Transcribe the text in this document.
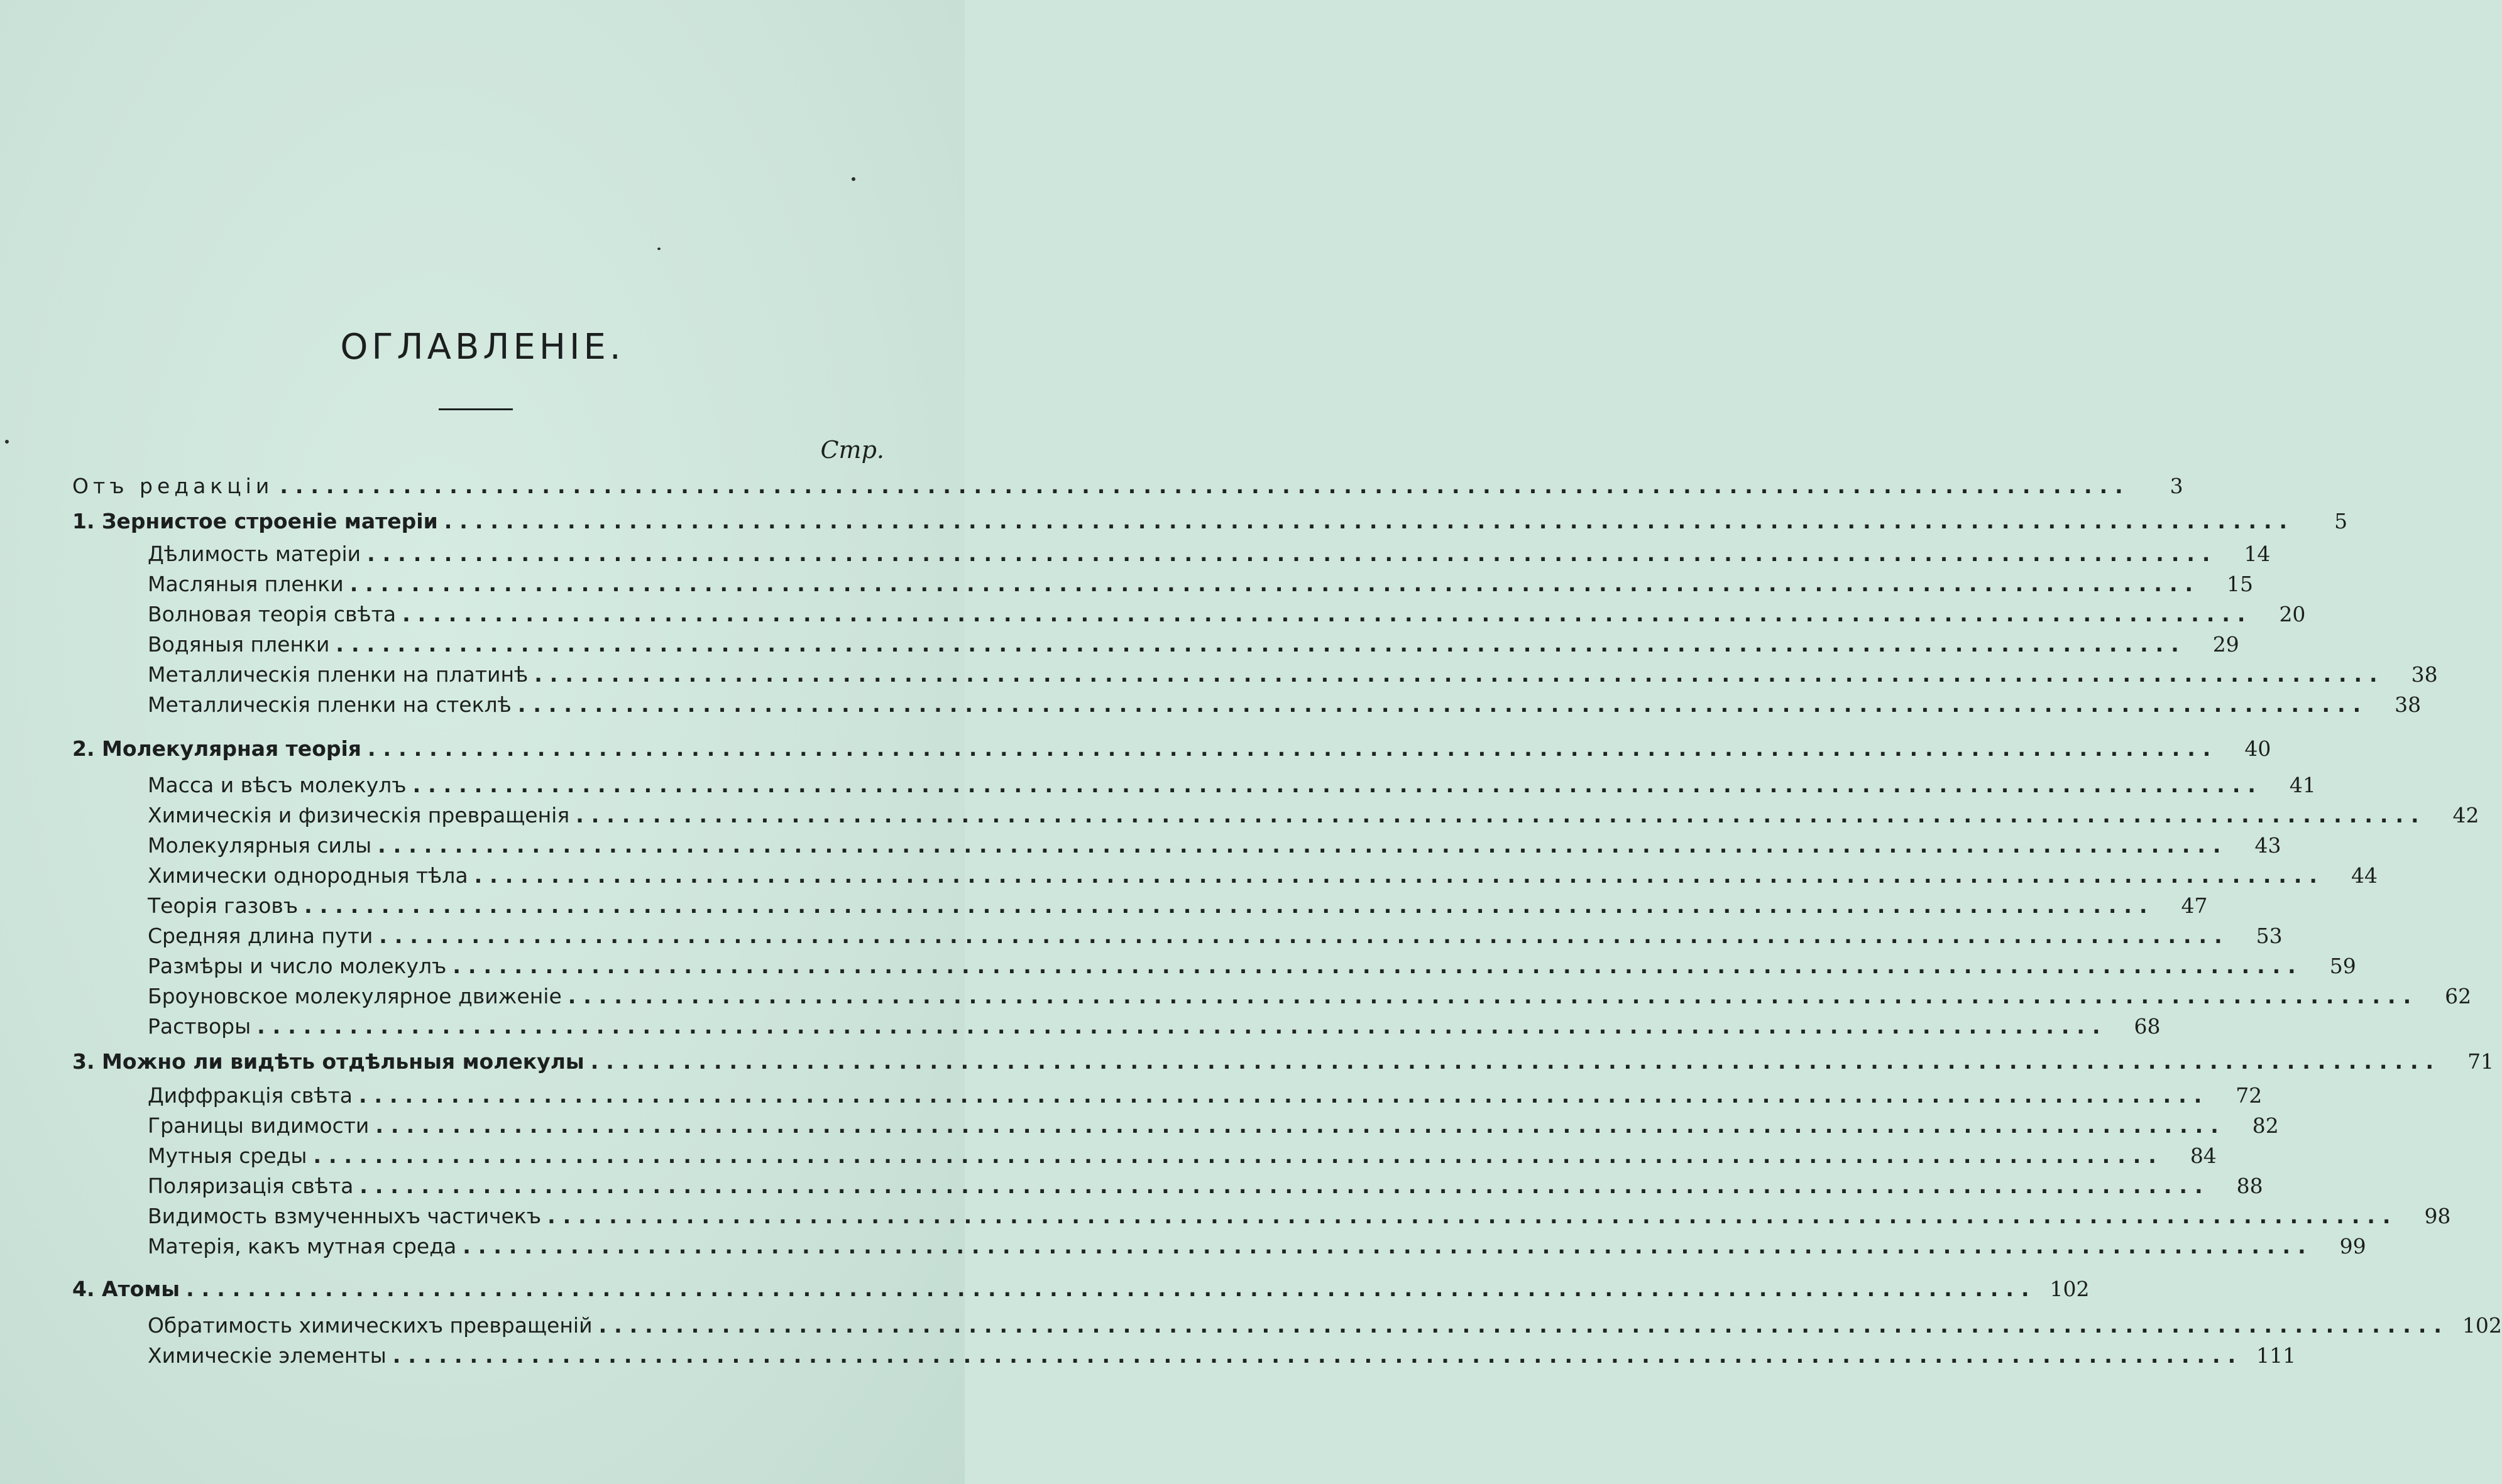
ОГЛАВЛЕНІЕ.
Стр.
Отъ редакціи ........................................................................................................................	3
1. Зернистое строеніе матеріи ........................................................................................................................	5
Дѣлимость матеріи ........................................................................................................................	14
Масляныя пленки ........................................................................................................................	15
Волновая теорія свѣта ........................................................................................................................	20
Водяныя пленки ........................................................................................................................	29
Металлическія пленки на платинѣ ........................................................................................................................	38
Металлическія пленки на стеклѣ ........................................................................................................................	38
2. Молекулярная теорія ........................................................................................................................	40
Масса и вѣсъ молекулъ ........................................................................................................................	41
Химическія и физическія превращенія ........................................................................................................................	42
Молекулярныя силы ........................................................................................................................	43
Химически однородныя тѣла ........................................................................................................................	44
Теорія газовъ ........................................................................................................................	47
Средняя длина пути ........................................................................................................................	53
Размѣры и число молекулъ ........................................................................................................................	59
Броуновское молекулярное движеніе ........................................................................................................................	62
Растворы ........................................................................................................................	68
3. Можно ли видѣть отдѣльныя молекулы ........................................................................................................................	71
Диффракція свѣта ........................................................................................................................	72
Границы видимости ........................................................................................................................	82
Мутныя среды ........................................................................................................................	84
Поляризація свѣта ........................................................................................................................	88
Видимость взмученныхъ частичекъ ........................................................................................................................	98
Матерія, какъ мутная среда ........................................................................................................................	99
4. Атомы ........................................................................................................................ 102
Обратимость химическихъ превращеній ........................................................................................................................ 102
Химическіе элементы ........................................................................................................................ 111
